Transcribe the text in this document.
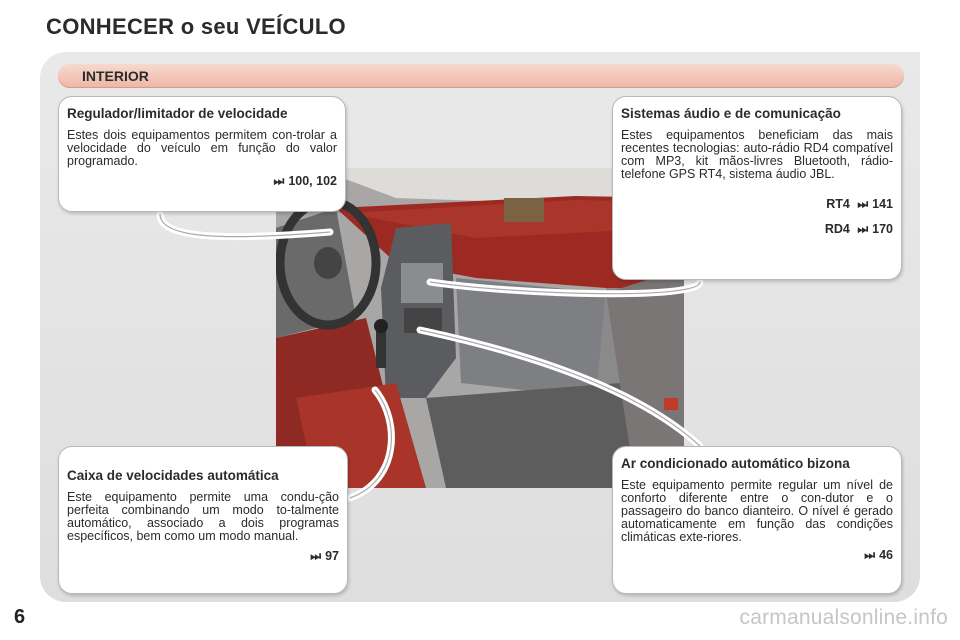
CONHECER o seu VEÍCULO
INTERIOR
Regulador/limitador de velocidade
Estes dois equipamentos permitem con-trolar a velocidade do veículo em função do valor programado.
⏭ 100, 102
Sistemas áudio e de comunicação
Estes equipamentos beneficiam das mais recentes tecnologias: auto-rádio RD4 compatível com MP3, kit mãos-livres Bluetooth, rádio-telefone GPS RT4, sistema áudio JBL.
RT4 ⏭ 141
RD4 ⏭ 170
Caixa de velocidades automática
Este equipamento permite uma condu-ção perfeita combinando um modo to-talmente automático, associado a dois programas específicos, bem como um modo manual.
⏭ 97
Ar condicionado automático bizona
Este equipamento permite regular um nível de conforto diferente entre o con-dutor e o passageiro do banco dianteiro. O nível é gerado automaticamente em função das condições climáticas exte-riores.
⏭ 46
6	carmanualsonline.info
